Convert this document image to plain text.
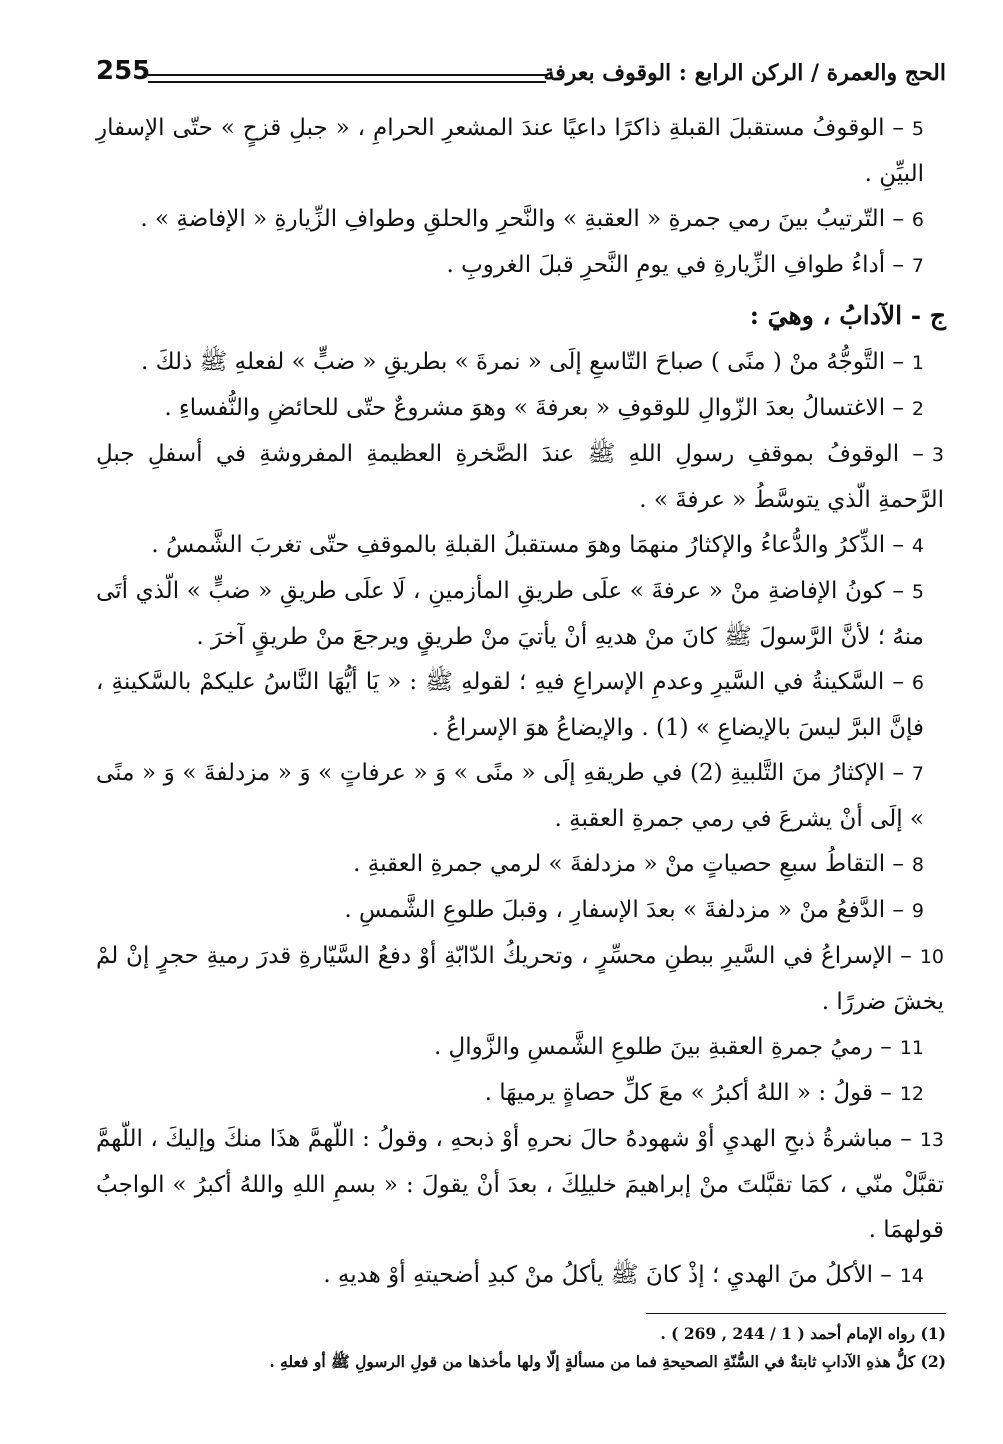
الحج والعمرة / الركن الرابع : الوقوف بعرفة
255

5– الوقوفُ مستقبلَ القبلةِ ذاكرًا داعيًا عندَ المشعرِ الحرامِ ، « جبلِ قزحٍ » حتّى الإسفارِ البيِّنِ .

6– التّرتيبُ بينَ رمي جمرةِ « العقبةِ » والنَّحرِ والحلقِ وطوافِ الزِّيارةِ « الإفاضةِ » .

7– أداءُ طوافِ الزِّيارةِ في يومِ النَّحرِ قبلَ الغروبِ .

ج - الآدابُ ، وهيَ :

1– التَّوجُّهُ منْ ( منًى ) صباحَ التّاسعِ إلَى « نمرةَ » بطريقِ « ضبٍّ » لفعلهِ ﷺ ذلكَ .

2– الاغتسالُ بعدَ الزّوالِ للوقوفِ « بعرفةَ » وهوَ مشروعٌ حتّى للحائضِ والنُّفساءِ .

3– الوقوفُ بموقفِ رسولِ اللهِ ﷺ عندَ الصَّخرةِ العظيمةِ المفروشةِ في أسفلِ جبلِ الرَّحمةِ الّذي يتوسَّطُ « عرفةَ » .

4– الذِّكرُ والدُّعاءُ والإكثارُ منهمَا وهوَ مستقبلُ القبلةِ بالموقفِ حتّى تغربَ الشَّمسُ .

5– كونُ الإفاضةِ منْ « عرفةَ » علَى طريقِ المأزمينِ ، لَا علَى طريقِ « ضبٍّ » الّذي أتَى منهُ ؛ لأنَّ الرَّسولَ ﷺ كانَ منْ هديهِ أنْ يأتيَ منْ طريقٍ ويرجعَ منْ طريقٍ آخرَ .

6– السَّكينةُ في السَّيرِ وعدمِ الإسراعِ فيهِ ؛ لقولهِ ﷺ : « يَا أيُّهَا النَّاسُ عليكمْ بالسَّكينةِ ، فإنَّ البرَّ ليسَ بالإيضاعِ » (1) . والإيضاعُ هوَ الإسراعُ .

7– الإكثارُ منَ التَّلبيةِ (2) في طريقهِ إلَى « منًى » وَ « عرفاتٍ » وَ « مزدلفةَ » وَ « منًى » إلَى أنْ يشرعَ في رمي جمرةِ العقبةِ .

8– التقاطُ سبعِ حصياتٍ منْ « مزدلفةَ » لرمي جمرةِ العقبةِ .

9– الدَّفعُ منْ « مزدلفةَ » بعدَ الإسفارِ ، وقبلَ طلوعِ الشَّمسِ .

10– الإسراعُ في السَّيرِ ببطنِ محسِّرٍ ، وتحريكُ الدّابّةِ أوْ دفعُ السَّيّارةِ قدرَ رميةِ حجرٍ إنْ لمْ يخشَ ضررًا .

11– رميُ جمرةِ العقبةِ بينَ طلوعِ الشَّمسِ والزَّوالِ .

12– قولُ : « اللهُ أكبرُ » معَ كلِّ حصاةٍ يرميهَا .

13– مباشرةُ ذبحِ الهديِ أوْ شهودهُ حالَ نحرهِ أوْ ذبحهِ ، وقولُ : اللّهمَّ هذَا منكَ وإليكَ ، اللّهمَّ تقبَّلْ منّي ، كمَا تقبَّلتَ منْ إبراهيمَ خليلِكَ ، بعدَ أنْ يقولَ : « بسمِ اللهِ واللهُ أكبرُ » الواجبُ قولهمَا .

14– الأكلُ منَ الهديِ ؛ إذْ كانَ ﷺ يأكلُ منْ كبدِ أضحيتهِ أوْ هديهِ .

(1) رواه الإمام أحمد ( 1 / 244 , 269 ) .
(2) كلُّ هذهِ الآدابِ ثابتةٌ في السُّنّةِ الصحيحةِ فما من مسألةٍ إلّا ولها مأخذها من قولِ الرسولِ ﷺ أو فعلهِ .
